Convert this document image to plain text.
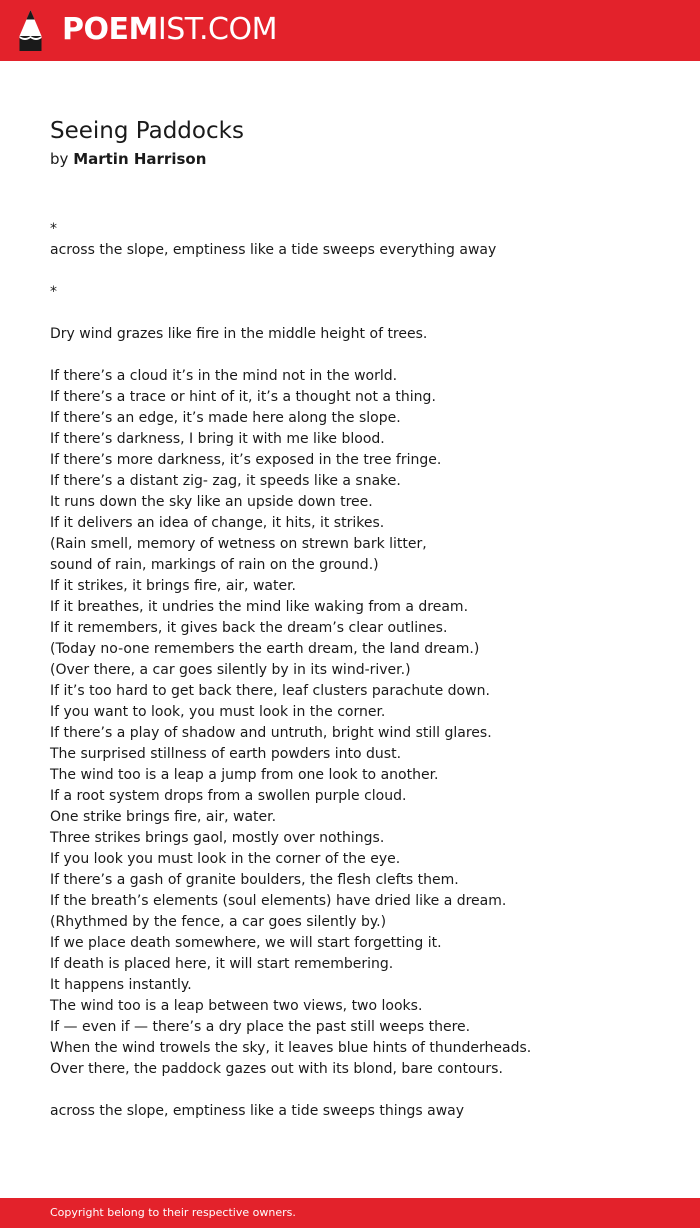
POEMIST.COM
Seeing Paddocks
by Martin Harrison
*
across the slope, emptiness like a tide sweeps everything away
*
Dry wind grazes like fire in the middle height of trees.
If there’s a cloud it’s in the mind not in the world.
If there’s a trace or hint of it, it’s a thought not a thing.
If there’s an edge, it’s made here along the slope.
If there’s darkness, I bring it with me like blood.
If there’s more darkness, it’s exposed in the tree fringe.
If there’s a distant zig- zag, it speeds like a snake.
It runs down the sky like an upside down tree.
If it delivers an idea of change, it hits, it strikes.
(Rain smell, memory of wetness on strewn bark litter,
sound of rain, markings of rain on the ground.)
If it strikes, it brings fire, air, water.
If it breathes, it undries the mind like waking from a dream.
If it remembers, it gives back the dream’s clear outlines.
(Today no-one remembers the earth dream, the land dream.)
(Over there, a car goes silently by in its wind-river.)
If it’s too hard to get back there, leaf clusters parachute down.
If you want to look, you must look in the corner.
If there’s a play of shadow and untruth, bright wind still glares.
The surprised stillness of earth powders into dust.
The wind too is a leap a jump from one look to another.
If a root system drops from a swollen purple cloud.
One strike brings fire, air, water.
Three strikes brings gaol, mostly over nothings.
If you look you must look in the corner of the eye.
If there’s a gash of granite boulders, the flesh clefts them.
If the breath’s elements (soul elements) have dried like a dream.
(Rhythmed by the fence, a car goes silently by.)
If we place death somewhere, we will start forgetting it.
If death is placed here, it will start remembering.
It happens instantly.
The wind too is a leap between two views, two looks.
If — even if — there’s a dry place the past still weeps there.
When the wind trowels the sky, it leaves blue hints of thunderheads.
Over there, the paddock gazes out with its blond, bare contours.
across the slope, emptiness like a tide sweeps things away
Copyright belong to their respective owners.
